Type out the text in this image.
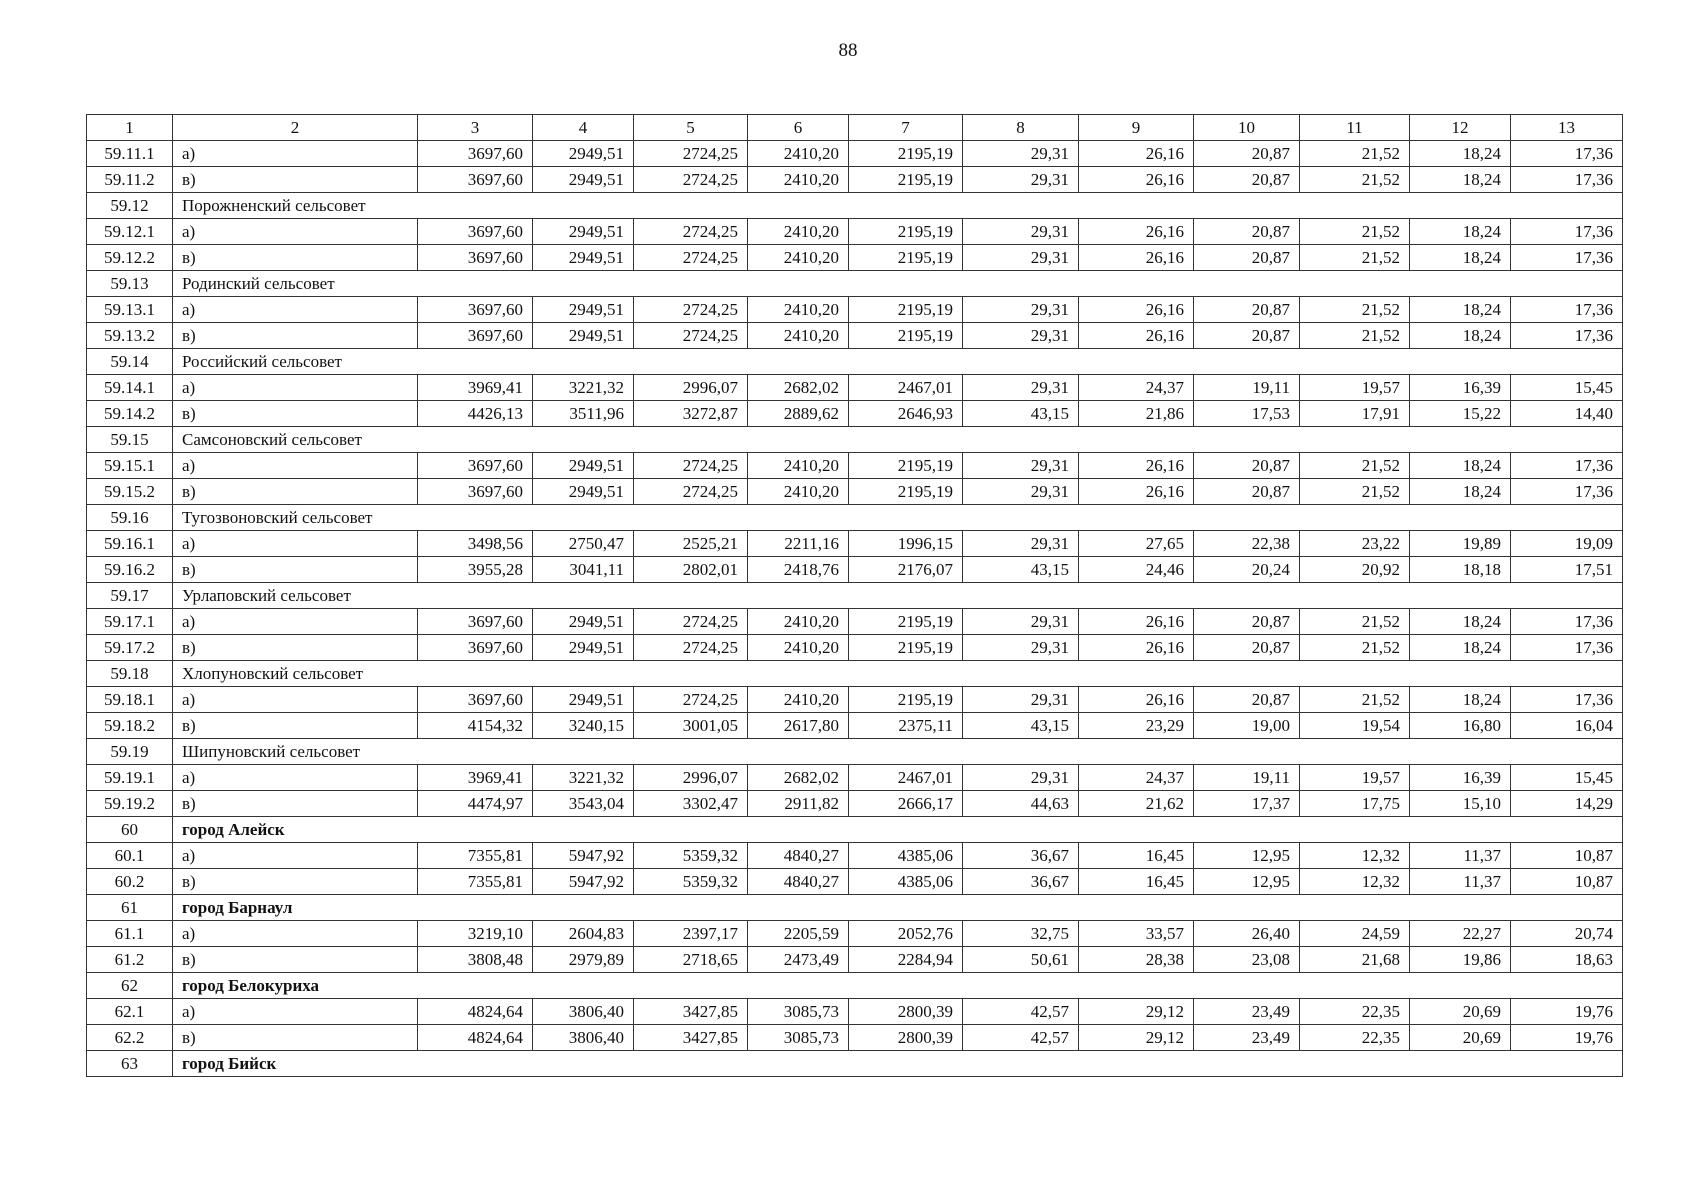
88
1	2	3	4	5	6	7	8	9	10	11	12	13
59.11.1	а)	3697,60	2949,51	2724,25	2410,20	2195,19	29,31	26,16	20,87	21,52	18,24	17,36
59.11.2	в)	3697,60	2949,51	2724,25	2410,20	2195,19	29,31	26,16	20,87	21,52	18,24	17,36
59.12	Порожненский сельсовет											
59.12.1	а)	3697,60	2949,51	2724,25	2410,20	2195,19	29,31	26,16	20,87	21,52	18,24	17,36
59.12.2	в)	3697,60	2949,51	2724,25	2410,20	2195,19	29,31	26,16	20,87	21,52	18,24	17,36
59.13	Родинский сельсовет											
59.13.1	а)	3697,60	2949,51	2724,25	2410,20	2195,19	29,31	26,16	20,87	21,52	18,24	17,36
59.13.2	в)	3697,60	2949,51	2724,25	2410,20	2195,19	29,31	26,16	20,87	21,52	18,24	17,36
59.14	Российский сельсовет											
59.14.1	а)	3969,41	3221,32	2996,07	2682,02	2467,01	29,31	24,37	19,11	19,57	16,39	15,45
59.14.2	в)	4426,13	3511,96	3272,87	2889,62	2646,93	43,15	21,86	17,53	17,91	15,22	14,40
59.15	Самсоновский сельсовет											
59.15.1	а)	3697,60	2949,51	2724,25	2410,20	2195,19	29,31	26,16	20,87	21,52	18,24	17,36
59.15.2	в)	3697,60	2949,51	2724,25	2410,20	2195,19	29,31	26,16	20,87	21,52	18,24	17,36
59.16	Тугозвоновский сельсовет											
59.16.1	а)	3498,56	2750,47	2525,21	2211,16	1996,15	29,31	27,65	22,38	23,22	19,89	19,09
59.16.2	в)	3955,28	3041,11	2802,01	2418,76	2176,07	43,15	24,46	20,24	20,92	18,18	17,51
59.17	Урлаповский сельсовет											
59.17.1	а)	3697,60	2949,51	2724,25	2410,20	2195,19	29,31	26,16	20,87	21,52	18,24	17,36
59.17.2	в)	3697,60	2949,51	2724,25	2410,20	2195,19	29,31	26,16	20,87	21,52	18,24	17,36
59.18	Хлопуновский сельсовет											
59.18.1	а)	3697,60	2949,51	2724,25	2410,20	2195,19	29,31	26,16	20,87	21,52	18,24	17,36
59.18.2	в)	4154,32	3240,15	3001,05	2617,80	2375,11	43,15	23,29	19,00	19,54	16,80	16,04
59.19	Шипуновский сельсовет											
59.19.1	а)	3969,41	3221,32	2996,07	2682,02	2467,01	29,31	24,37	19,11	19,57	16,39	15,45
59.19.2	в)	4474,97	3543,04	3302,47	2911,82	2666,17	44,63	21,62	17,37	17,75	15,10	14,29
60	город Алейск											
60.1	а)	7355,81	5947,92	5359,32	4840,27	4385,06	36,67	16,45	12,95	12,32	11,37	10,87
60.2	в)	7355,81	5947,92	5359,32	4840,27	4385,06	36,67	16,45	12,95	12,32	11,37	10,87
61	город Барнаул											
61.1	а)	3219,10	2604,83	2397,17	2205,59	2052,76	32,75	33,57	26,40	24,59	22,27	20,74
61.2	в)	3808,48	2979,89	2718,65	2473,49	2284,94	50,61	28,38	23,08	21,68	19,86	18,63
62	город Белокуриха											
62.1	а)	4824,64	3806,40	3427,85	3085,73	2800,39	42,57	29,12	23,49	22,35	20,69	19,76
62.2	в)	4824,64	3806,40	3427,85	3085,73	2800,39	42,57	29,12	23,49	22,35	20,69	19,76
63	город Бийск											
